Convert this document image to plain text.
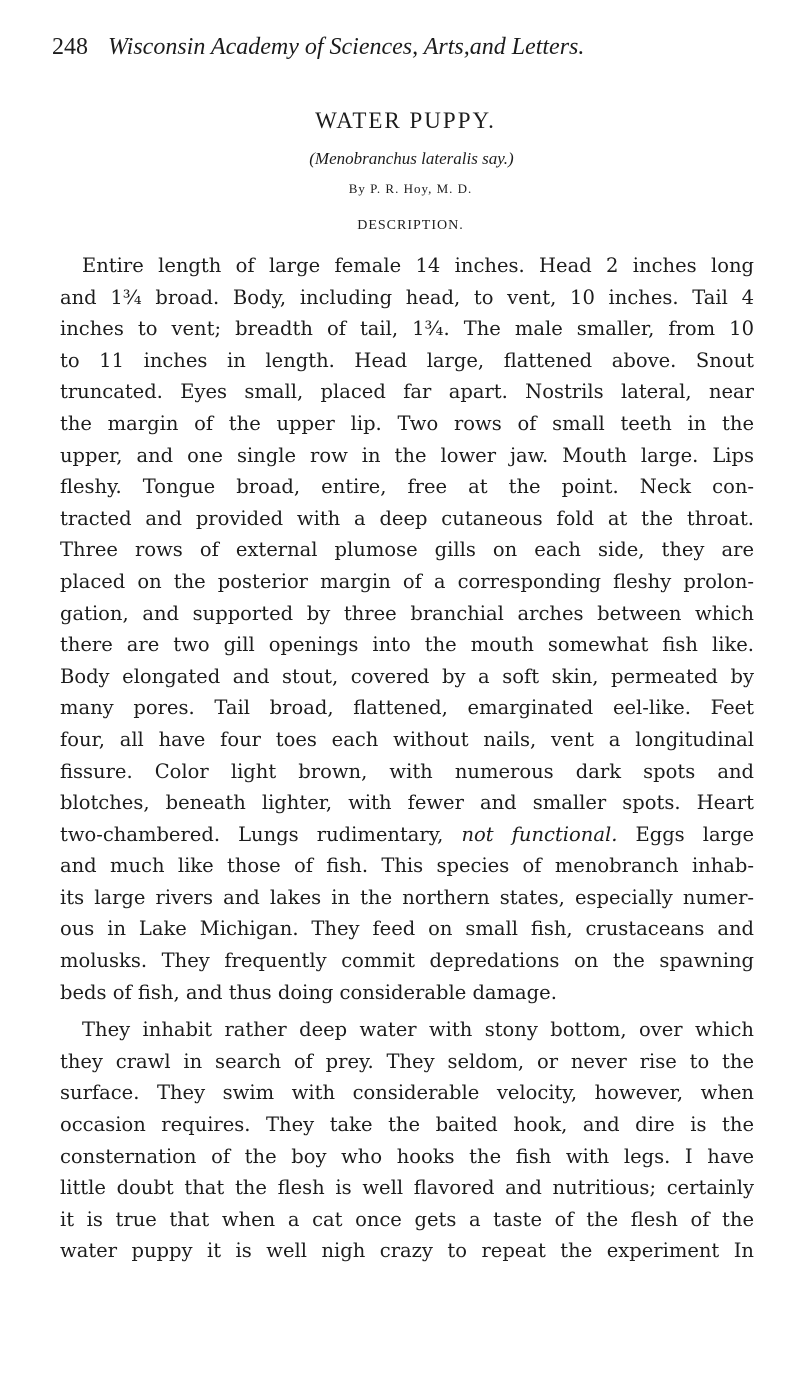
248 Wisconsin Academy of Sciences, Arts,and Letters.
WATER PUPPY.
(Menobranchus lateralis say.)
By P. R. Hoy, M. D.
DESCRIPTION.
Entire length of large female 14 inches. Head 2 inches long
and 1¾ broad. Body, including head, to vent, 10 inches. Tail 4
inches to vent; breadth of tail, 1¾. The male smaller, from 10
to 11 inches in length. Head large, flattened above. Snout
truncated. Eyes small, placed far apart. Nostrils lateral, near
the margin of the upper lip. Two rows of small teeth in the
upper, and one single row in the lower jaw. Mouth large. Lips
fleshy. Tongue broad, entire, free at the point. Neck con-
tracted and provided with a deep cutaneous fold at the throat.
Three rows of external plumose gills on each side, they are
placed on the posterior margin of a corresponding fleshy prolon-
gation, and supported by three branchial arches between which
there are two gill openings into the mouth somewhat fish like.
Body elongated and stout, covered by a soft skin, permeated by
many pores. Tail broad, flattened, emarginated eel-like. Feet
four, all have four toes each without nails, vent a longitudinal
fissure. Color light brown, with numerous dark spots and
blotches, beneath lighter, with fewer and smaller spots. Heart
two-chambered. Lungs rudimentary, not functional. Eggs large
and much like those of fish. This species of menobranch inhab-
its large rivers and lakes in the northern states, especially numer-
ous in Lake Michigan. They feed on small fish, crustaceans and
molusks. They frequently commit depredations on the spawning
beds of fish, and thus doing considerable damage.
They inhabit rather deep water with stony bottom, over which
they crawl in search of prey. They seldom, or never rise to the
surface. They swim with considerable velocity, however, when
occasion requires. They take the baited hook, and dire is the
consternation of the boy who hooks the fish with legs. I have
little doubt that the flesh is well flavored and nutritious; certainly
it is true that when a cat once gets a taste of the flesh of the
water puppy it is well nigh crazy to repeat the experiment In
